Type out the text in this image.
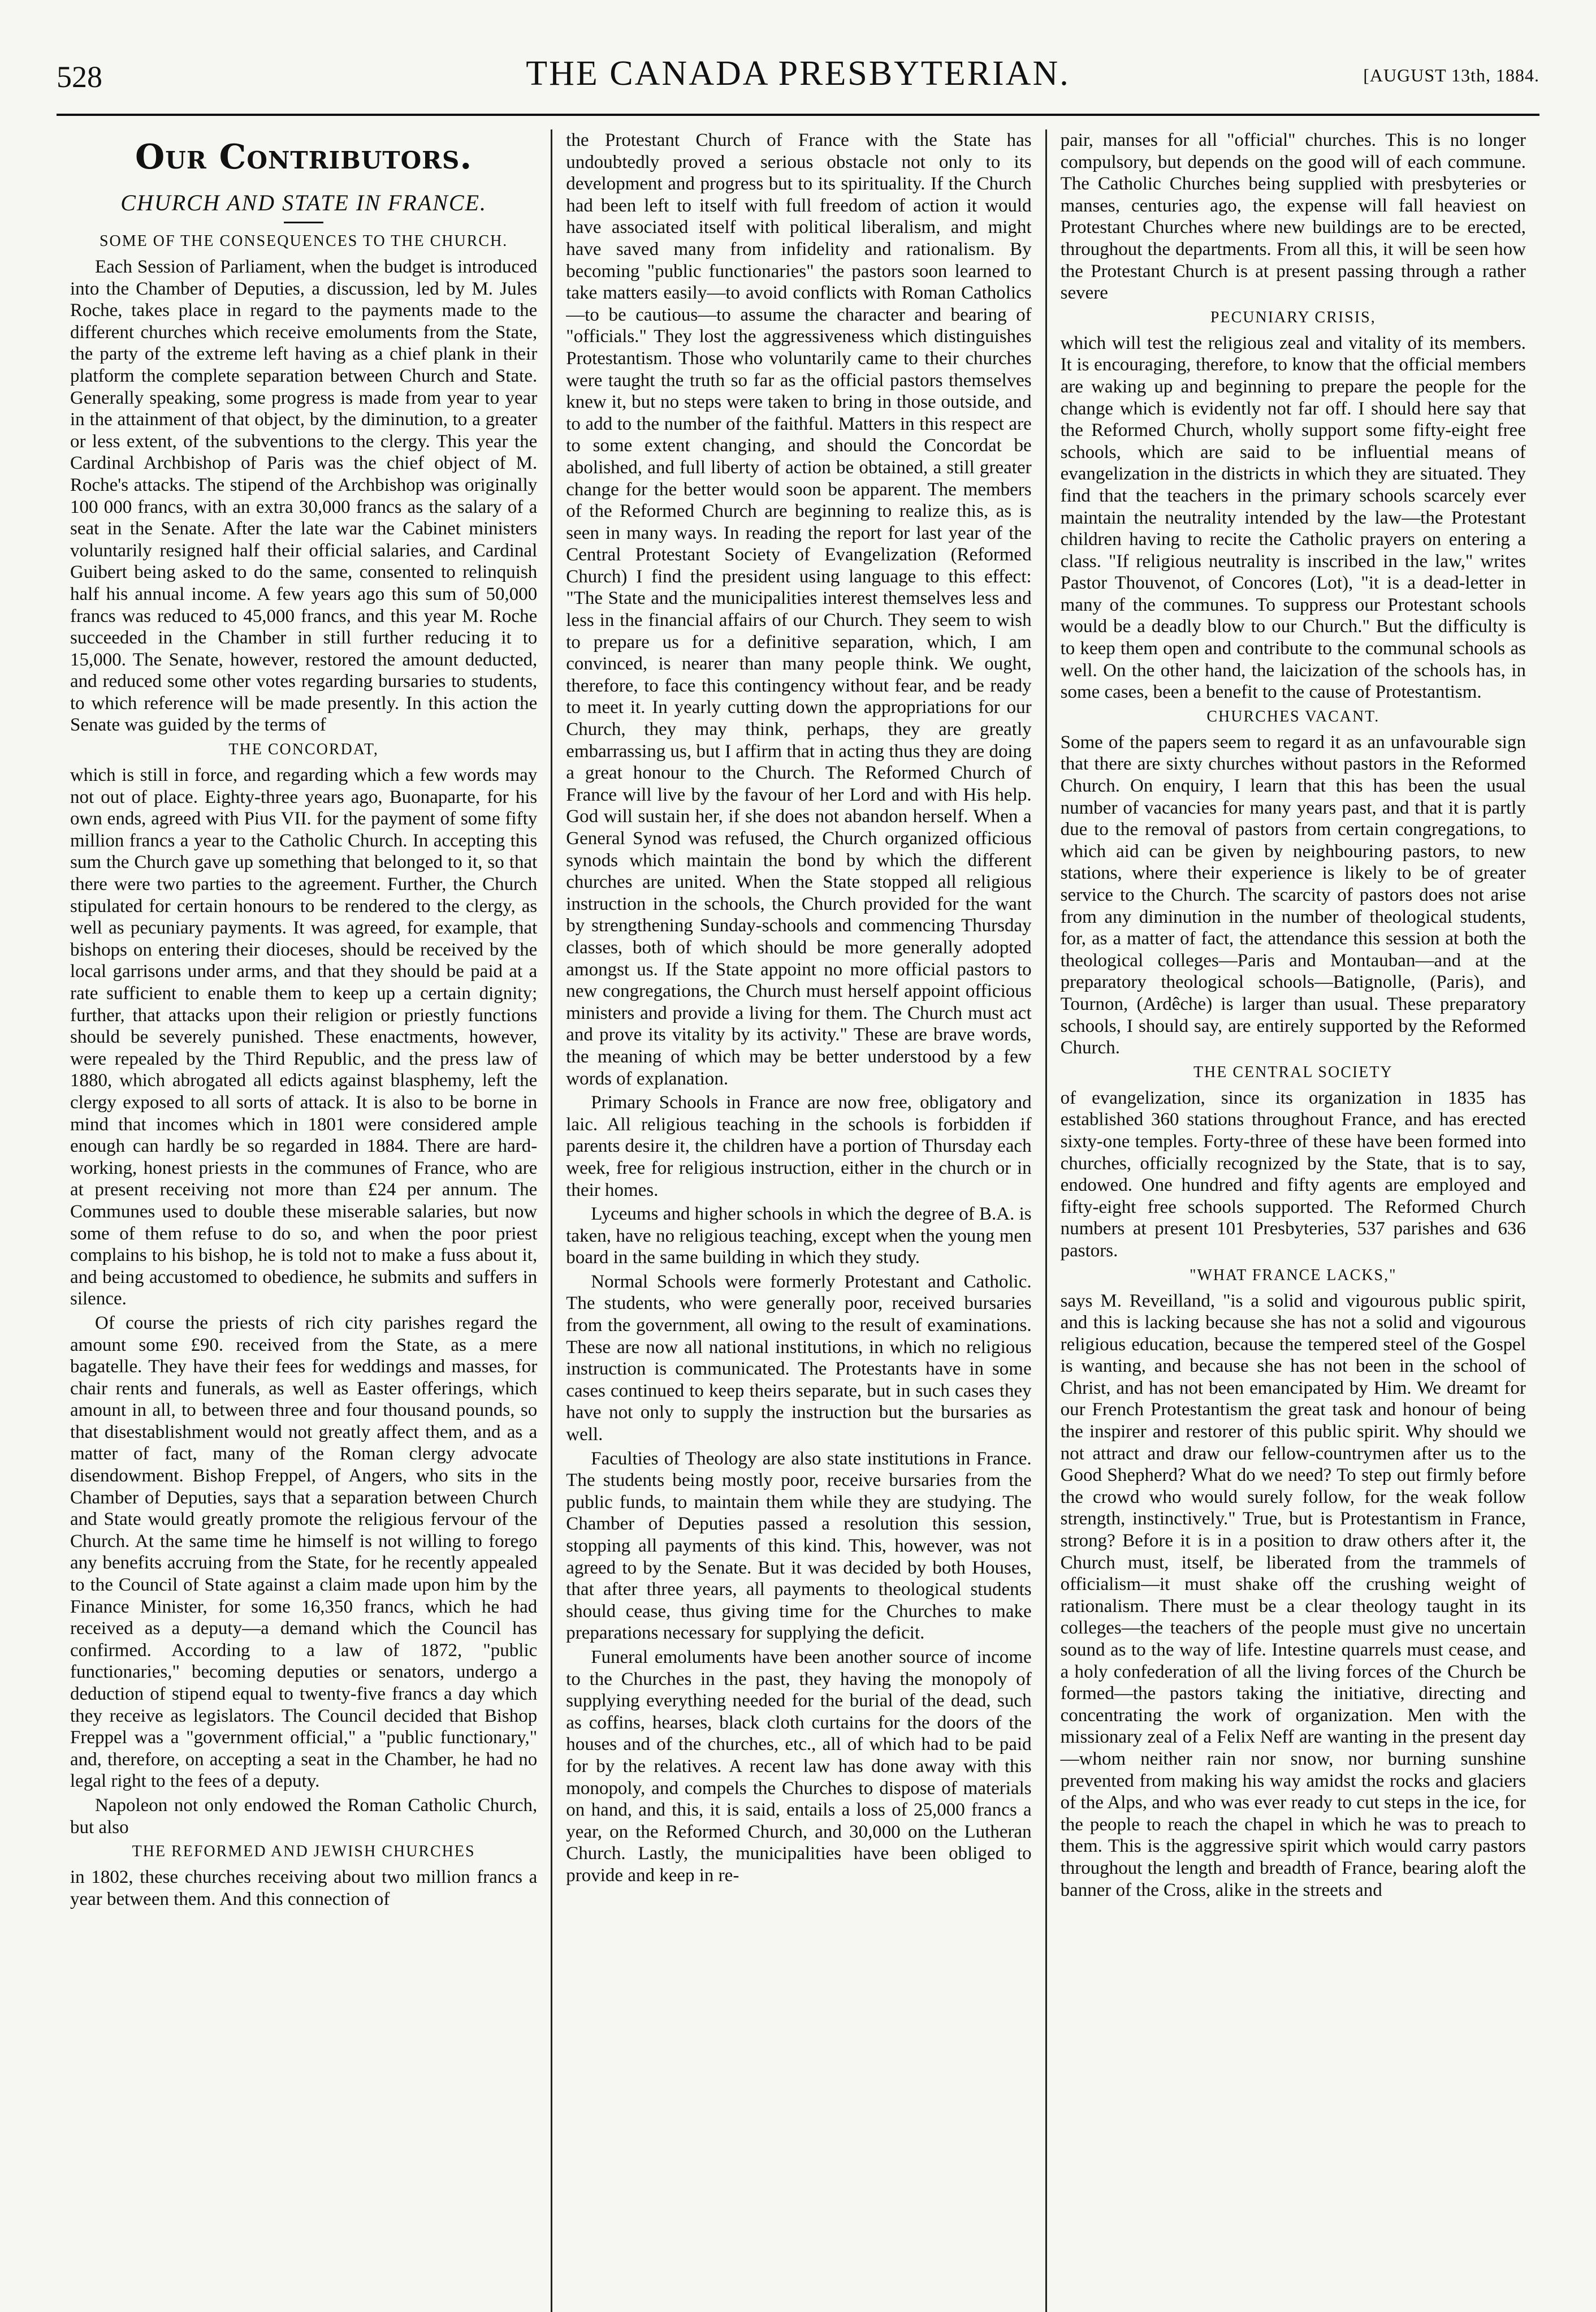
528	THE CANADA PRESBYTERIAN.	[AUGUST 13th, 1884.
Our Contributors.
CHURCH AND STATE IN FRANCE.
SOME OF THE CONSEQUENCES TO THE CHURCH.

Each Session of Parliament, when the budget is introduced into the Chamber of Deputies, a discussion, led by M. Jules Roche, takes place in regard to the payments made to the different churches which receive emoluments from the State, the party of the extreme left having as a chief plank in their platform the complete separation between Church and State. Generally speaking, some progress is made from year to year in the attainment of that object, by the diminution, to a greater or less extent, of the subventions to the clergy. This year the Cardinal Archbishop of Paris was the chief object of M. Roche's attacks. The stipend of the Archbishop was originally 100 000 francs, with an extra 30,000 francs as the salary of a seat in the Senate. After the late war the Cabinet ministers voluntarily resigned half their official salaries, and Cardinal Guibert being asked to do the same, consented to relinquish half his annual income. A few years ago this sum of 50,000 francs was reduced to 45,000 francs, and this year M. Roche succeeded in the Chamber in still further reducing it to 15,000. The Senate, however, restored the amount deducted, and reduced some other votes regarding bursaries to students, to which reference will be made presently. In this action the Senate was guided by the terms of

THE CONCORDAT,

which is still in force, and regarding which a few words may not out of place. Eighty-three years ago, Buonaparte, for his own ends, agreed with Pius VII. for the payment of some fifty million francs a year to the Catholic Church. In accepting this sum the Church gave up something that belonged to it, so that there were two parties to the agreement. Further, the Church stipulated for certain honours to be rendered to the clergy, as well as pecuniary payments. It was agreed, for example, that bishops on entering their dioceses, should be received by the local garrisons under arms, and that they should be paid at a rate sufficient to enable them to keep up a certain dignity; further, that attacks upon their religion or priestly functions should be severely punished. These enactments, however, were repealed by the Third Republic, and the press law of 1880, which abrogated all edicts against blasphemy, left the clergy exposed to all sorts of attack. It is also to be borne in mind that incomes which in 1801 were considered ample enough can hardly be so regarded in 1884. There are hard-working, honest priests in the communes of France, who are at present receiving not more than £24 per annum. The Communes used to double these miserable salaries, but now some of them refuse to do so, and when the poor priest complains to his bishop, he is told not to make a fuss about it, and being accustomed to obedience, he submits and suffers in silence.

Of course the priests of rich city parishes regard the amount some £90. received from the State, as a mere bagatelle. They have their fees for weddings and masses, for chair rents and funerals, as well as Easter offerings, which amount in all, to between three and four thousand pounds, so that disestablishment would not greatly affect them, and as a matter of fact, many of the Roman clergy advocate disendowment. Bishop Freppel, of Angers, who sits in the Chamber of Deputies, says that a separation between Church and State would greatly promote the religious fervour of the Church. At the same time he himself is not willing to forego any benefits accruing from the State, for he recently appealed to the Council of State against a claim made upon him by the Finance Minister, for some 16,350 francs, which he had received as a deputy—a demand which the Council has confirmed. According to a law of 1872, "public functionaries," becoming deputies or senators, undergo a deduction of stipend equal to twenty-five francs a day which they receive as legislators. The Council decided that Bishop Freppel was a "government official," a "public functionary," and, therefore, on accepting a seat in the Chamber, he had no legal right to the fees of a deputy.

Napoleon not only endowed the Roman Catholic Church, but also

THE REFORMED AND JEWISH CHURCHES

in 1802, these churches receiving about two million francs a year between them. And this connection of

the Protestant Church of France with the State has undoubtedly proved a serious obstacle not only to its development and progress but to its spirituality. If the Church had been left to itself with full freedom of action it would have associated itself with political liberalism, and might have saved many from infidelity and rationalism. By becoming "public functionaries" the pastors soon learned to take matters easily—to avoid conflicts with Roman Catholics—to be cautious—to assume the character and bearing of "officials." They lost the aggressiveness which distinguishes Protestantism. Those who voluntarily came to their churches were taught the truth so far as the official pastors themselves knew it, but no steps were taken to bring in those outside, and to add to the number of the faithful. Matters in this respect are to some extent changing, and should the Concordat be abolished, and full liberty of action be obtained, a still greater change for the better would soon be apparent. The members of the Reformed Church are beginning to realize this, as is seen in many ways. In reading the report for last year of the Central Protestant Society of Evangelization (Reformed Church) I find the president using language to this effect: "The State and the municipalities interest themselves less and less in the financial affairs of our Church. They seem to wish to prepare us for a definitive separation, which, I am convinced, is nearer than many people think. We ought, therefore, to face this contingency without fear, and be ready to meet it. In yearly cutting down the appropriations for our Church, they may think, perhaps, they are greatly embarrassing us, but I affirm that in acting thus they are doing a great honour to the Church. The Reformed Church of France will live by the favour of her Lord and with His help. God will sustain her, if she does not abandon herself. When a General Synod was refused, the Church organized officious synods which maintain the bond by which the different churches are united. When the State stopped all religious instruction in the schools, the Church provided for the want by strengthening Sunday-schools and commencing Thursday classes, both of which should be more generally adopted amongst us. If the State appoint no more official pastors to new congregations, the Church must herself appoint officious ministers and provide a living for them. The Church must act and prove its vitality by its activity." These are brave words, the meaning of which may be better understood by a few words of explanation.

Primary Schools in France are now free, obligatory and laic. All religious teaching in the schools is forbidden if parents desire it, the children have a portion of Thursday each week, free for religious instruction, either in the church or in their homes.

Lyceums and higher schools in which the degree of B.A. is taken, have no religious teaching, except when the young men board in the same building in which they study.

Normal Schools were formerly Protestant and Catholic. The students, who were generally poor, received bursaries from the government, all owing to the result of examinations. These are now all national institutions, in which no religious instruction is communicated. The Protestants have in some cases continued to keep theirs separate, but in such cases they have not only to supply the instruction but the bursaries as well.

Faculties of Theology are also state institutions in France. The students being mostly poor, receive bursaries from the public funds, to maintain them while they are studying. The Chamber of Deputies passed a resolution this session, stopping all payments of this kind. This, however, was not agreed to by the Senate. But it was decided by both Houses, that after three years, all payments to theological students should cease, thus giving time for the Churches to make preparations necessary for supplying the deficit.

Funeral emoluments have been another source of income to the Churches in the past, they having the monopoly of supplying everything needed for the burial of the dead, such as coffins, hearses, black cloth curtains for the doors of the houses and of the churches, etc., all of which had to be paid for by the relatives. A recent law has done away with this monopoly, and compels the Churches to dispose of materials on hand, and this, it is said, entails a loss of 25,000 francs a year, on the Reformed Church, and 30,000 on the Lutheran Church. Lastly, the municipalities have been obliged to provide and keep in re-

pair, manses for all "official" churches. This is no longer compulsory, but depends on the good will of each commune. The Catholic Churches being supplied with presbyteries or manses, centuries ago, the expense will fall heaviest on Protestant Churches where new buildings are to be erected, throughout the departments. From all this, it will be seen how the Protestant Church is at present passing through a rather severe

PECUNIARY CRISIS,

which will test the religious zeal and vitality of its members. It is encouraging, therefore, to know that the official members are waking up and beginning to prepare the people for the change which is evidently not far off. I should here say that the Reformed Church, wholly support some fifty-eight free schools, which are said to be influential means of evangelization in the districts in which they are situated. They find that the teachers in the primary schools scarcely ever maintain the neutrality intended by the law—the Protestant children having to recite the Catholic prayers on entering a class. "If religious neutrality is inscribed in the law," writes Pastor Thouvenot, of Concores (Lot), "it is a dead-letter in many of the communes. To suppress our Protestant schools would be a deadly blow to our Church." But the difficulty is to keep them open and contribute to the communal schools as well. On the other hand, the laicization of the schools has, in some cases, been a benefit to the cause of Protestantism.

CHURCHES VACANT.

Some of the papers seem to regard it as an unfavourable sign that there are sixty churches without pastors in the Reformed Church. On enquiry, I learn that this has been the usual number of vacancies for many years past, and that it is partly due to the removal of pastors from certain congregations, to which aid can be given by neighbouring pastors, to new stations, where their experience is likely to be of greater service to the Church. The scarcity of pastors does not arise from any diminution in the number of theological students, for, as a matter of fact, the attendance this session at both the theological colleges—Paris and Montauban—and at the preparatory theological schools—Batignolle, (Paris), and Tournon, (Ardêche) is larger than usual. These preparatory schools, I should say, are entirely supported by the Reformed Church.

THE CENTRAL SOCIETY

of evangelization, since its organization in 1835 has established 360 stations throughout France, and has erected sixty-one temples. Forty-three of these have been formed into churches, officially recognized by the State, that is to say, endowed. One hundred and fifty agents are employed and fifty-eight free schools supported. The Reformed Church numbers at present 101 Presbyteries, 537 parishes and 636 pastors.

"WHAT FRANCE LACKS,"

says M. Reveilland, "is a solid and vigourous public spirit, and this is lacking because she has not a solid and vigourous religious education, because the tempered steel of the Gospel is wanting, and because she has not been in the school of Christ, and has not been emancipated by Him. We dreamt for our French Protestantism the great task and honour of being the inspirer and restorer of this public spirit. Why should we not attract and draw our fellow-countrymen after us to the Good Shepherd? What do we need? To step out firmly before the crowd who would surely follow, for the weak follow strength, instinctively." True, but is Protestantism in France, strong? Before it is in a position to draw others after it, the Church must, itself, be liberated from the trammels of officialism—it must shake off the crushing weight of rationalism. There must be a clear theology taught in its colleges—the teachers of the people must give no uncertain sound as to the way of life. Intestine quarrels must cease, and a holy confederation of all the living forces of the Church be formed—the pastors taking the initiative, directing and concentrating the work of organization. Men with the missionary zeal of a Felix Neff are wanting in the present day—whom neither rain nor snow, nor burning sunshine prevented from making his way amidst the rocks and glaciers of the Alps, and who was ever ready to cut steps in the ice, for the people to reach the chapel in which he was to preach to them. This is the aggressive spirit which would carry pastors throughout the length and breadth of France, bearing aloft the banner of the Cross, alike in the streets and
